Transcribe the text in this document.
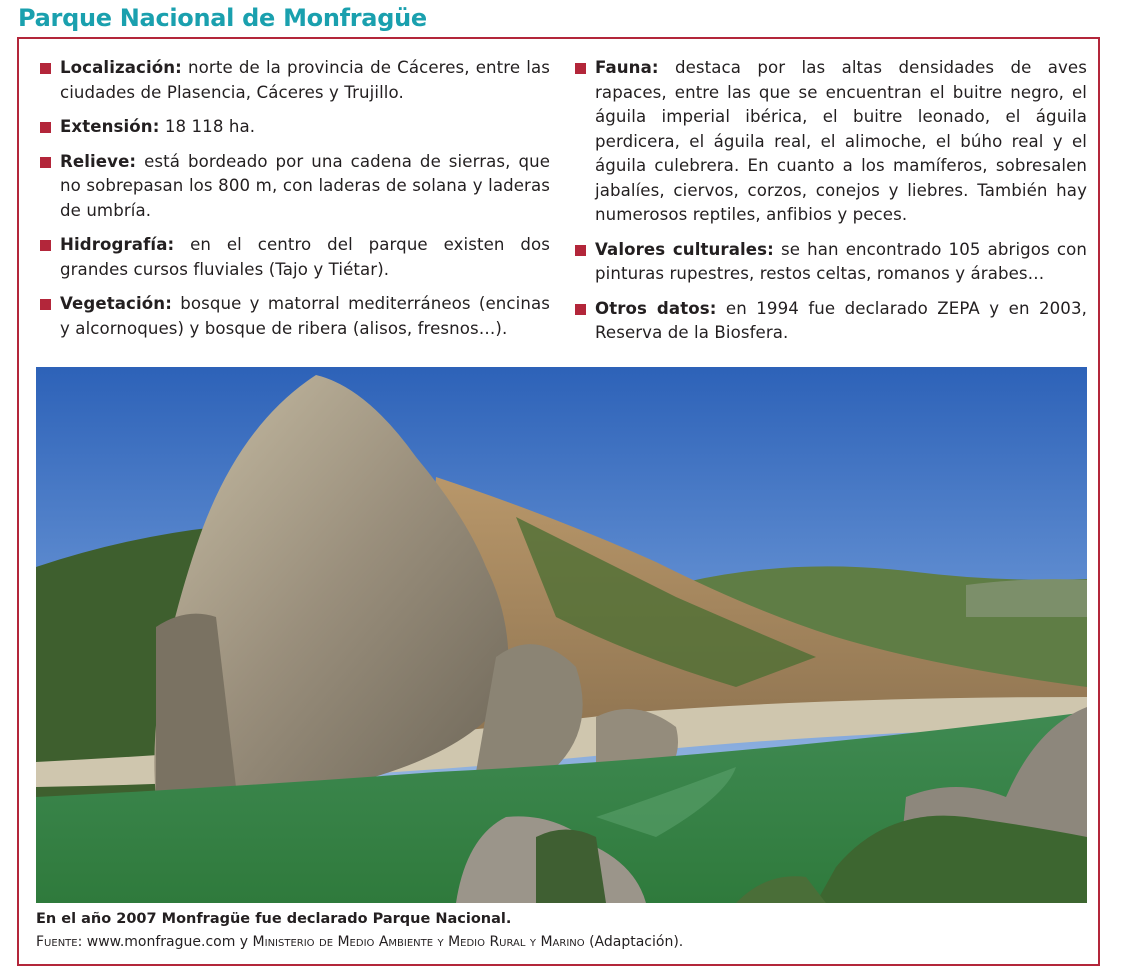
Parque Nacional de Monfragüe
Localización: norte de la provincia de Cáceres, entre las ciudades de Plasencia, Cáceres y Trujillo.
Extensión: 18 118 ha.
Relieve: está bordeado por una cadena de sierras, que no sobrepasan los 800 m, con laderas de solana y laderas de umbría.
Hidrografía: en el centro del parque existen dos grandes cursos fluviales (Tajo y Tiétar).
Vegetación: bosque y matorral mediterráneos (encinas y alcornoques) y bosque de ribera (alisos, fresnos…).
Fauna: destaca por las altas densidades de aves rapaces, entre las que se encuentran el buitre negro, el águila imperial ibérica, el buitre leonado, el águila perdicera, el águila real, el alimoche, el búho real y el águila culebrera. En cuanto a los mamíferos, sobresalen jabalíes, ciervos, corzos, conejos y liebres. También hay numerosos reptiles, anfibios y peces.
Valores culturales: se han encontrado 105 abrigos con pinturas rupestres, restos celtas, romanos y árabes…
Otros datos: en 1994 fue declarado ZEPA y en 2003, Reserva de la Biosfera.

En el año 2007 Monfragüe fue declarado Parque Nacional.

Fuente: www.monfrague.com y Ministerio de Medio Ambiente y Medio Rural y Marino (Adaptación).
